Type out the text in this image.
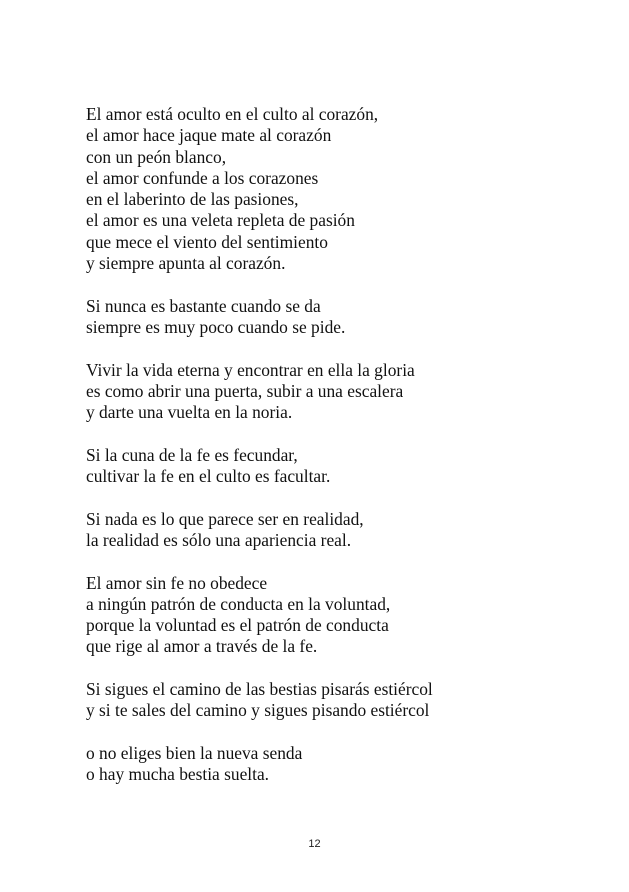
El amor está oculto en el culto al corazón,
el amor hace jaque mate al corazón
con un peón blanco,
el amor confunde a los corazones
en el laberinto de las pasiones,
el amor es una veleta repleta de pasión
que mece el viento del sentimiento
y siempre apunta al corazón.
Si nunca es bastante cuando se da
siempre es muy poco cuando se pide.
Vivir la vida eterna y encontrar en ella la gloria
es como abrir una puerta, subir a una escalera
y darte una vuelta en la noria.
Si la cuna de la fe es fecundar,
cultivar la fe en el culto es facultar.
Si nada es lo que parece ser en realidad,
la realidad es sólo una apariencia real.
El amor sin fe no obedece
a ningún patrón de conducta en la voluntad,
porque la voluntad es el patrón de conducta
que rige al amor a través de la fe.
Si sigues el camino de las bestias pisarás estiércol
y si te sales del camino y sigues pisando estiércol
o no eliges bien la nueva senda
o hay mucha bestia suelta.
12
